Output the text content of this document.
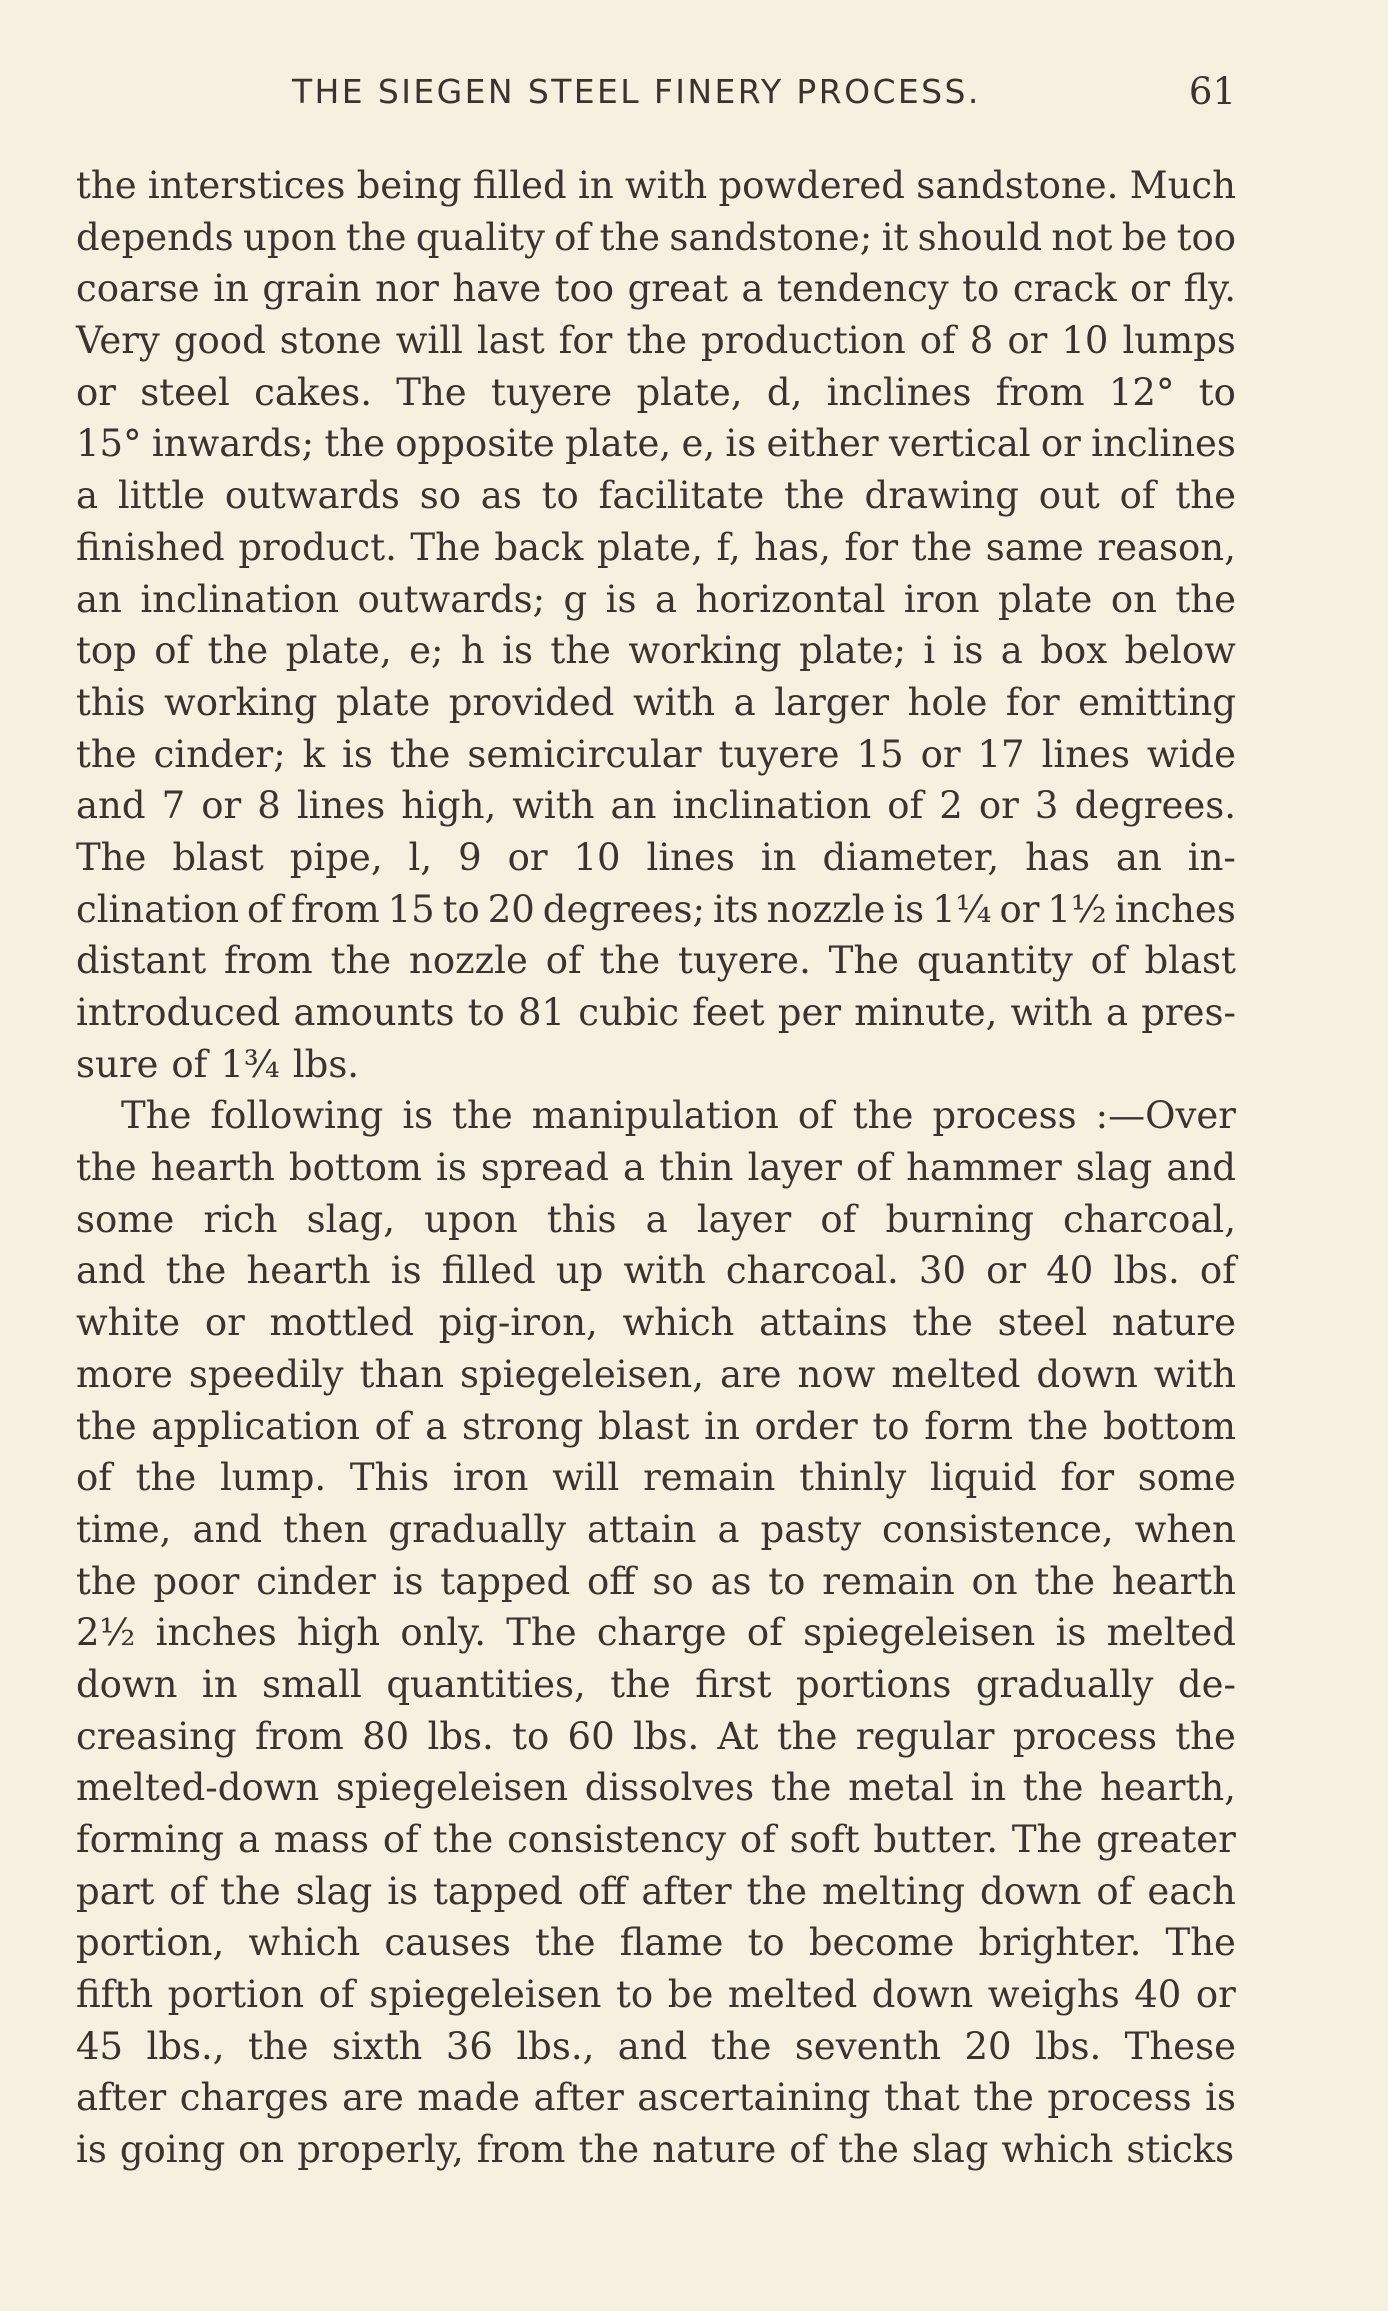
THE SIEGEN STEEL FINERY PROCESS.	61
the interstices being filled in with powdered sandstone. Much
depends upon the quality of the sandstone; it should not be too
coarse in grain nor have too great a tendency to crack or fly.
Very good stone will last for the production of 8 or 10 lumps
or steel cakes. The tuyere plate, d, inclines from 12° to
15° inwards; the opposite plate, e, is either vertical or inclines
a little outwards so as to facilitate the drawing out of the
finished product. The back plate, f, has, for the same reason,
an inclination outwards; g is a horizontal iron plate on the
top of the plate, e; h is the working plate; i is a box below
this working plate provided with a larger hole for emitting
the cinder; k is the semicircular tuyere 15 or 17 lines wide
and 7 or 8 lines high, with an inclination of 2 or 3 degrees.
The blast pipe, l, 9 or 10 lines in diameter, has an in-
clination of from 15 to 20 degrees; its nozzle is 1¼ or 1½ inches
distant from the nozzle of the tuyere. The quantity of blast
introduced amounts to 81 cubic feet per minute, with a pres-
sure of 1¾ lbs.
The following is the manipulation of the process :—Over
the hearth bottom is spread a thin layer of hammer slag and
some rich slag, upon this a layer of burning charcoal,
and the hearth is filled up with charcoal. 30 or 40 lbs. of
white or mottled pig-iron, which attains the steel nature
more speedily than spiegeleisen, are now melted down with
the application of a strong blast in order to form the bottom
of the lump. This iron will remain thinly liquid for some
time, and then gradually attain a pasty consistence, when
the poor cinder is tapped off so as to remain on the hearth
2½ inches high only. The charge of spiegeleisen is melted
down in small quantities, the first portions gradually de-
creasing from 80 lbs. to 60 lbs. At the regular process the
melted-down spiegeleisen dissolves the metal in the hearth,
forming a mass of the consistency of soft butter. The greater
part of the slag is tapped off after the melting down of each
portion, which causes the flame to become brighter. The
fifth portion of spiegeleisen to be melted down weighs 40 or
45 lbs., the sixth 36 lbs., and the seventh 20 lbs. These
after charges are made after ascertaining that the process is
is going on properly, from the nature of the slag which sticks
